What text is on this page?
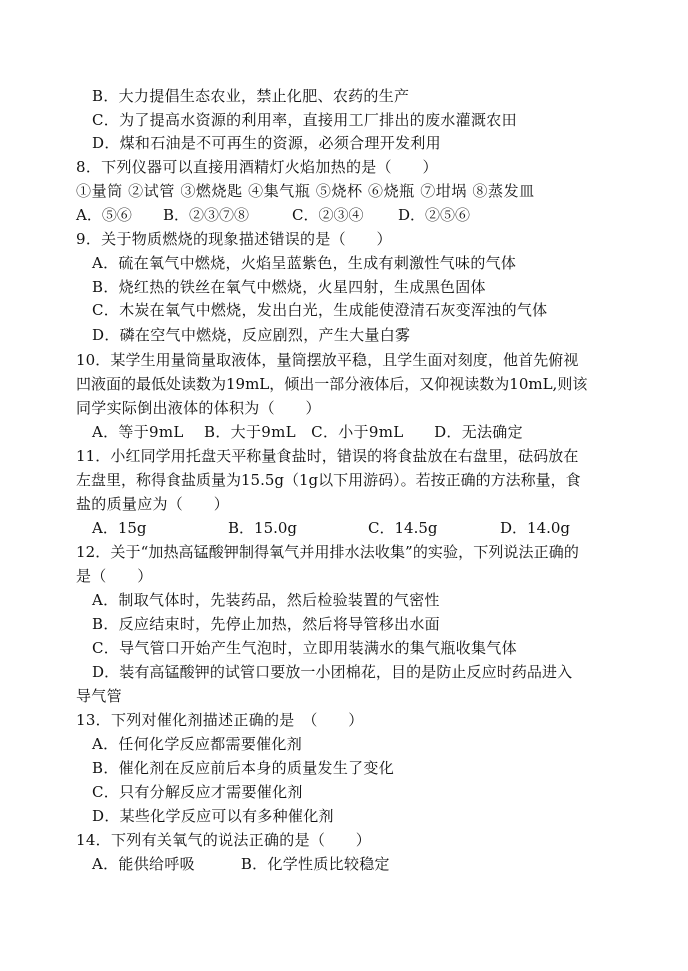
B．大力提倡生态农业，禁止化肥、农药的生产
C．为了提高水资源的利用率，直接用工厂排出的废水灌溉农田
D．煤和石油是不可再生的资源，必须合理开发利用
8．下列仪器可以直接用酒精灯火焰加热的是（　　）
①量筒 ②试管 ③燃烧匙 ④集气瓶 ⑤烧杯 ⑥烧瓶 ⑦坩埚 ⑧蒸发皿
A．⑤⑥ B．②③⑦⑧	C．②③④ D．②⑤⑥
9．关于物质燃烧的现象描述错误的是（　　）
A．硫在氧气中燃烧，火焰呈蓝紫色，生成有刺激性气味的气体
B．烧红热的铁丝在氧气中燃烧，火星四射，生成黑色固体
C．木炭在氧气中燃烧，发出白光，生成能使澄清石灰变浑浊的气体
D．磷在空气中燃烧，反应剧烈，产生大量白雾
10．某学生用量筒量取液体，量筒摆放平稳，且学生面对刻度，他首先俯视
凹液面的最低处读数为19mL，倾出一部分液体后，又仰视读数为10mL,则该
同学实际倒出液体的体积为（　　）
A．等于9mL　 B．大于9mL　C．小于9mL　　D．无法确定
11．小红同学用托盘天平称量食盐时，错误的将食盐放在右盘里，砝码放在
左盘里，称得食盐质量为15.5g（1g以下用游码）。若按正确的方法称量，食
盐的质量应为（　　）
A．15g	B．15.0g	C．14.5g	D．14.0g
12．关于“加热高锰酸钾制得氧气并用排水法收集”的实验，下列说法正确的
是（　　）
A．制取气体时，先装药品，然后检验装置的气密性
B．反应结束时，先停止加热，然后将导管移出水面
C．导气管口开始产生气泡时，立即用装满水的集气瓶收集气体
D．装有高锰酸钾的试管口要放一小团棉花，目的是防止反应时药品进入
导气管
13．下列对催化剂描述正确的是　（　　）
A．任何化学反应都需要催化剂
B．催化剂在反应前后本身的质量发生了变化
C．只有分解反应才需要催化剂
D．某些化学反应可以有多种催化剂
14．下列有关氧气的说法正确的是（　　）
A．能供给呼吸　　　B．化学性质比较稳定
